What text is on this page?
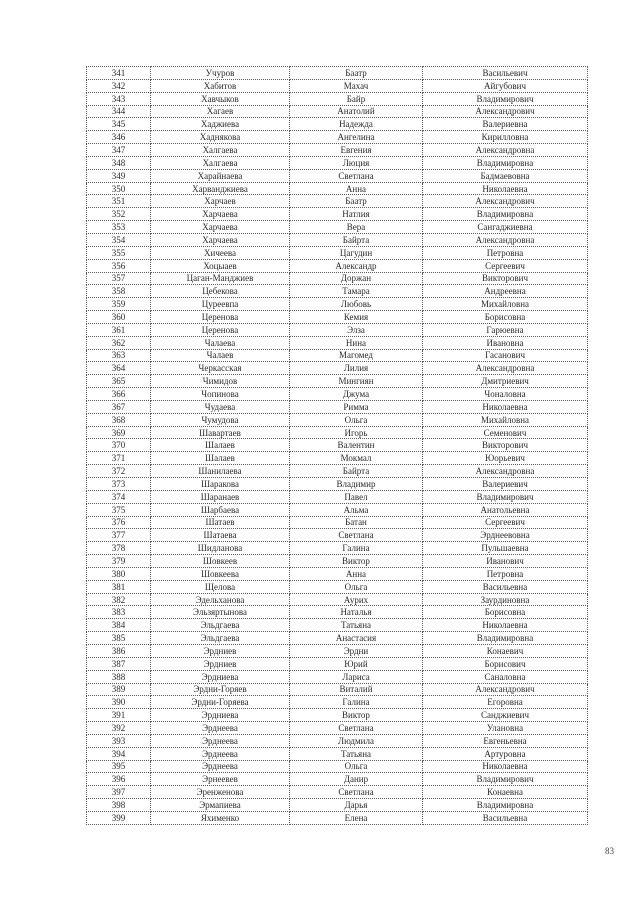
341	Учуров	Баатр	Васильевич
342	Хабитов	Махач	Айгубович
343	Хавчыков	Байр	Владимирович
344	Хагаев	Анатолий	Александрович
345	Хаджиева	Надежда	Валериевна
346	Хаднякова	Ангелина	Кирилловна
347	Халгаева	Евгения	Александровна
348	Халгаева	Люция	Владимировна
349	Харайнаева	Светлана	Бадмаевовна
350	Харванджиева	Анна	Николаевна
351	Харчаев	Баатр	Александрович
352	Харчаева	Натлия	Владимировна
353	Харчаева	Вера	Сангаджиевна
354	Харчаева	Байрта	Александровна
355	Хичеева	Цагудин	Петровна
356	Хоцыаев	Александр	Сергеевич
357	Цаган-Манджиев	Доржан	Викторович
358	Цебекова	Тамара	Андреевна
359	Цуреевпа	Любовь	Михайловна
360	Церенова	Кемия	Борисовна
361	Церенова	Элза	Гарюевна
362	Чалаева	Нина	Ивановна
363	Чалаев	Магомед	Гасанович
364	Черкасская	Лилия	Александровна
365	Чимидов	Мингиян	Дмитриевич
366	Чопинова	Джума	Чоналовна
367	Чудаева	Римма	Николаевна
368	Чумудова	Ольга	Михайловна
369	Шавартаев	Игорь	Семенович
370	Шалаев	Валентин	Викторович
371	Шалаев	Мокмал	Юорьевич
372	Шанилаева	Байрта	Александровна
373	Шаракова	Владимир	Валериевич
374	Шаранаев	Павел	Владимирович
375	Шарбаева	Альма	Анатольевна
376	Шатаев	Батан	Сергеевич
377	Шатаева	Светлана	Эрднеевовна
378	Шидланова	Галина	Пульшаевна
379	Шовкеев	Виктор	Иванович
380	Шовкеева	Анна	Петровна
381	Щелова	Ольга	Васильевна
382	Эдельханова	Аурих	Заурдиновна
383	Эльзяртынова	Наталья	Борисовна
384	Эльдгаева	Татьяна	Николаевна
385	Эльдгаева	Анастасия	Владимировна
386	Эрдниев	Эрдни	Конаевич
387	Эрдниев	Юрий	Борисович
388	Эрдниева	Лариса	Саналовна
389	Эрдни-Горяев	Виталий	Александрович
390	Эрдни-Горяева	Галина	Егоровна
391	Эрдниева	Виктор	Санджиевич
392	Эрднеева	Светлана	Улановна
393	Эрднеева	Людмила	Евгеньевна
394	Эрднеева	Татьяна	Артуровна
395	Эрднеева	Ольга	Николаевна
396	Эрнеевев	Данир	Владимирович
397	Эренженова	Светлана	Конаевна
398	Эрмапиева	Дарья	Владимировна
399	Яхименко	Елена	Васильевна
83
